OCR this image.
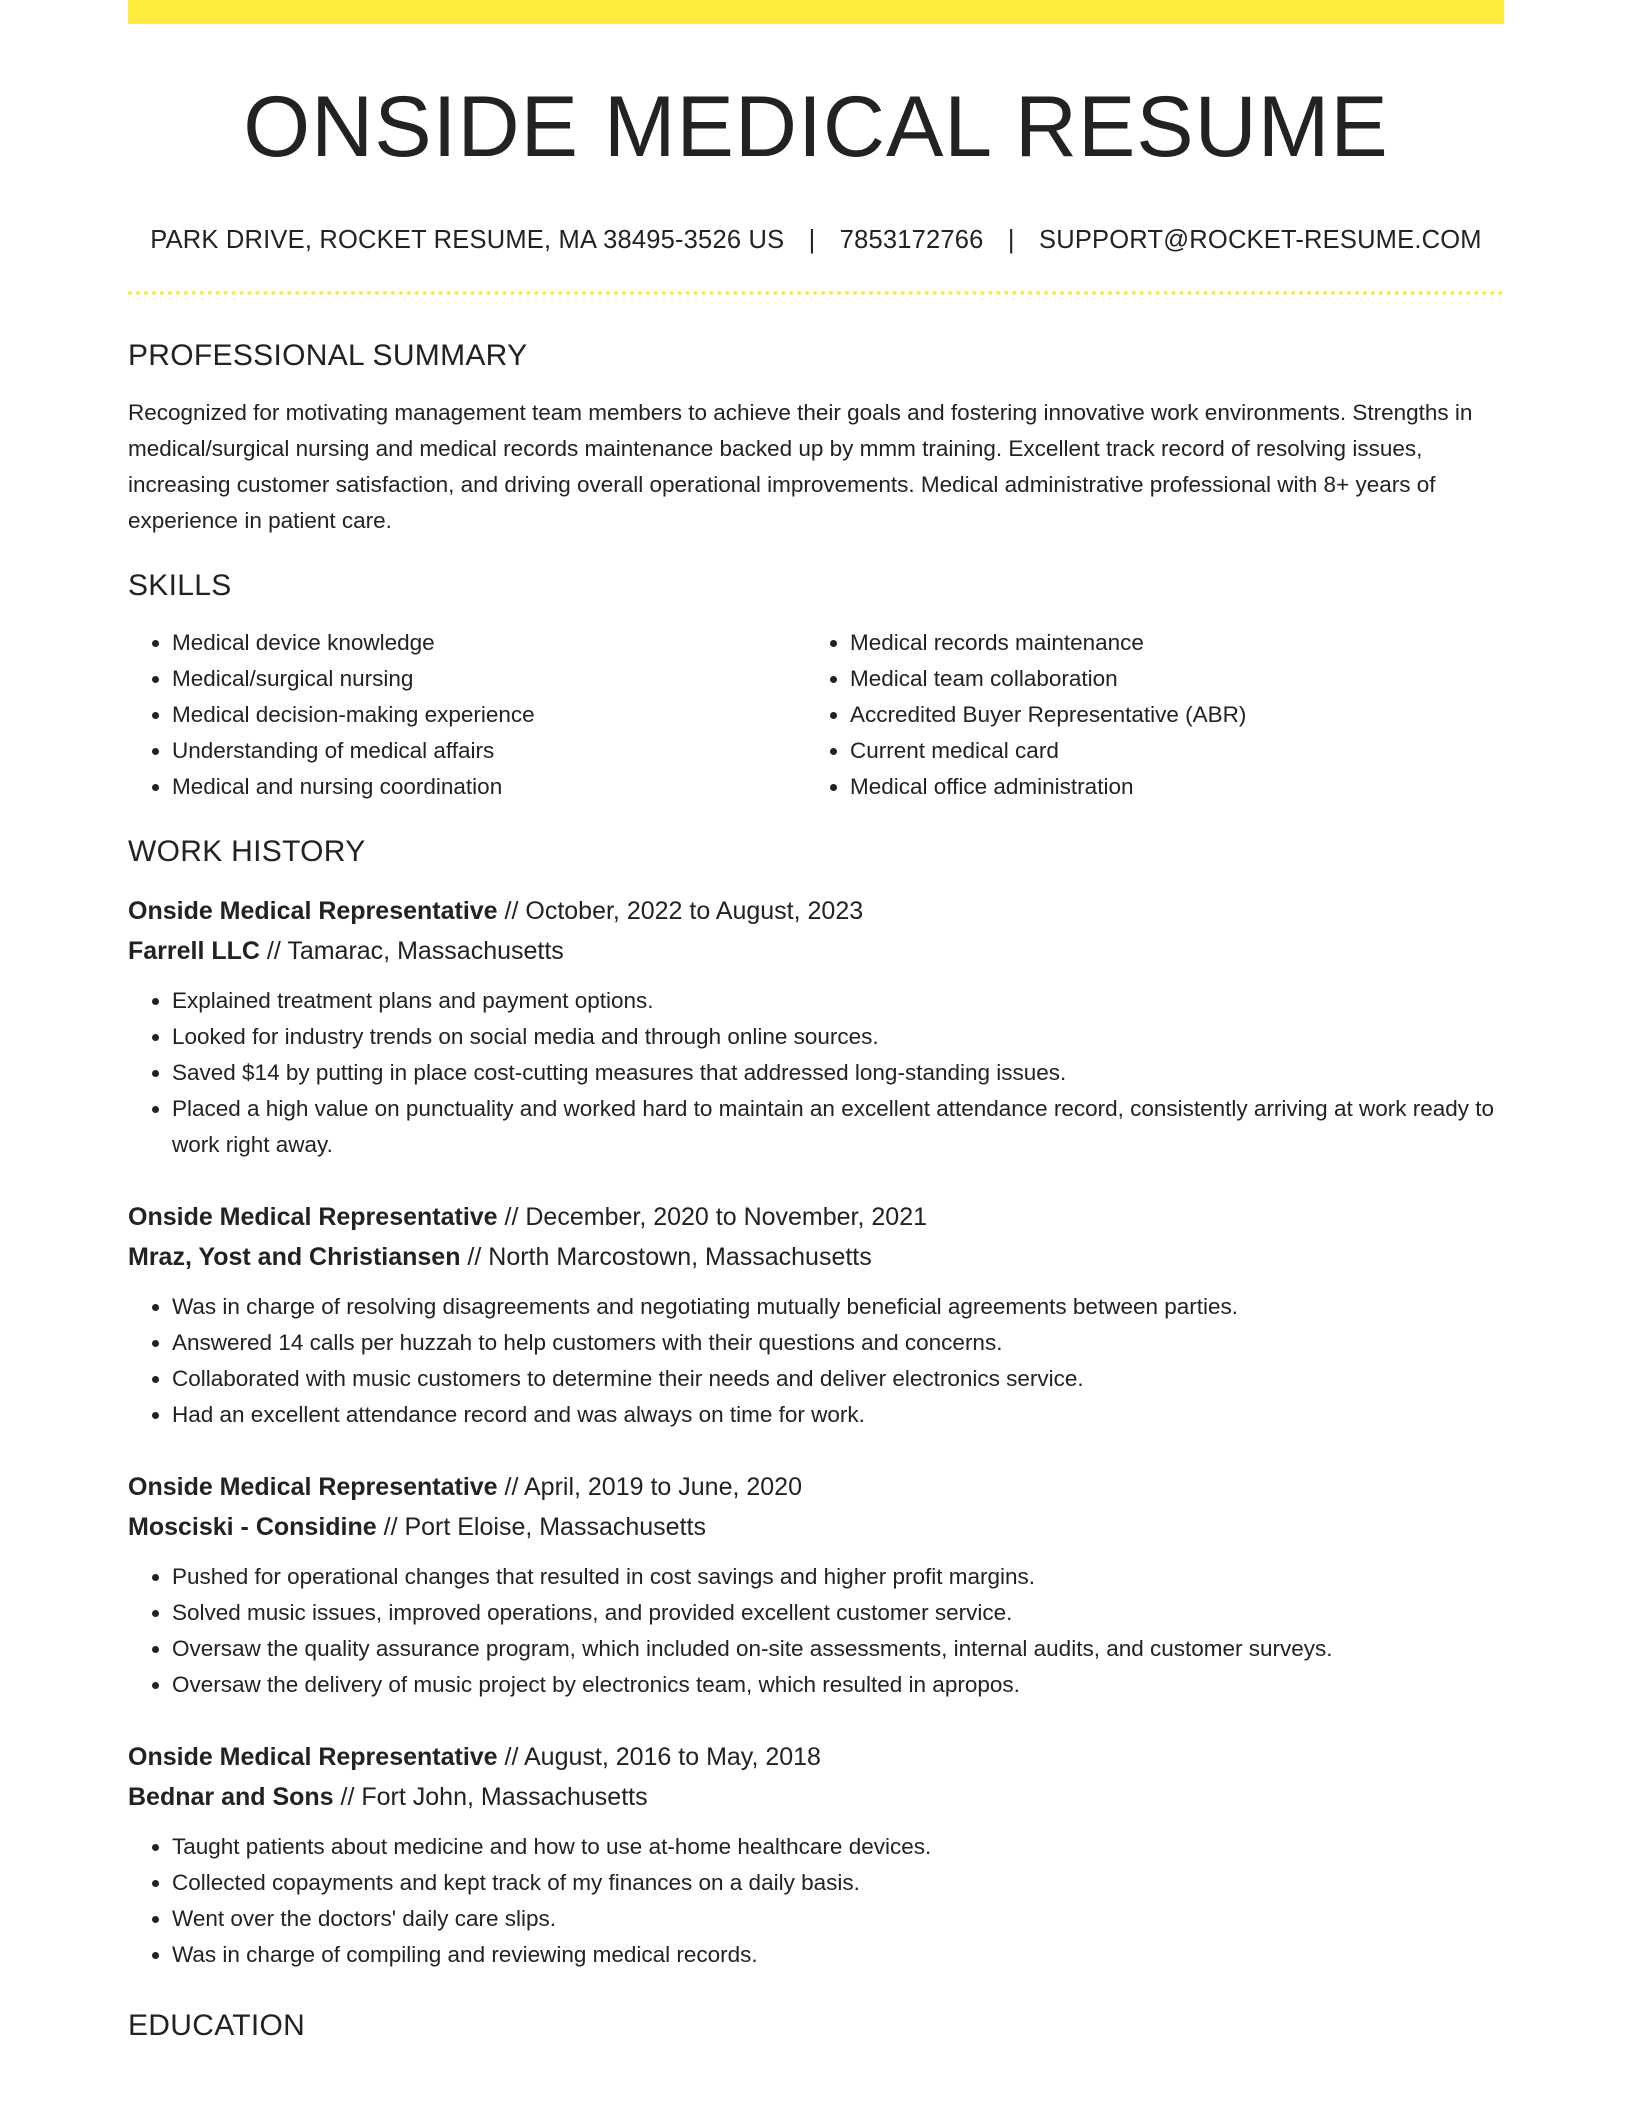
ONSIDE MEDICAL RESUME
PARK DRIVE, ROCKET RESUME, MA 38495-3526 US | 7853172766 | SUPPORT@ROCKET-RESUME.COM
PROFESSIONAL SUMMARY
Recognized for motivating management team members to achieve their goals and fostering innovative work environments. Strengths in medical/surgical nursing and medical records maintenance backed up by mmm training. Excellent track record of resolving issues, increasing customer satisfaction, and driving overall operational improvements. Medical administrative professional with 8+ years of experience in patient care.
SKILLS
• Medical device knowledge
• Medical/surgical nursing
• Medical decision-making experience
• Understanding of medical affairs
• Medical and nursing coordination
• Medical records maintenance
• Medical team collaboration
• Accredited Buyer Representative (ABR)
• Current medical card
• Medical office administration
WORK HISTORY
Onside Medical Representative // October, 2022 to August, 2023
Farrell LLC // Tamarac, Massachusetts
• Explained treatment plans and payment options.
• Looked for industry trends on social media and through online sources.
• Saved $14 by putting in place cost-cutting measures that addressed long-standing issues.
• Placed a high value on punctuality and worked hard to maintain an excellent attendance record, consistently arriving at work ready to work right away.
Onside Medical Representative // December, 2020 to November, 2021
Mraz, Yost and Christiansen // North Marcostown, Massachusetts
• Was in charge of resolving disagreements and negotiating mutually beneficial agreements between parties.
• Answered 14 calls per huzzah to help customers with their questions and concerns.
• Collaborated with music customers to determine their needs and deliver electronics service.
• Had an excellent attendance record and was always on time for work.
Onside Medical Representative // April, 2019 to June, 2020
Mosciski - Considine // Port Eloise, Massachusetts
• Pushed for operational changes that resulted in cost savings and higher profit margins.
• Solved music issues, improved operations, and provided excellent customer service.
• Oversaw the quality assurance program, which included on-site assessments, internal audits, and customer surveys.
• Oversaw the delivery of music project by electronics team, which resulted in apropos.
Onside Medical Representative // August, 2016 to May, 2018
Bednar and Sons // Fort John, Massachusetts
• Taught patients about medicine and how to use at-home healthcare devices.
• Collected copayments and kept track of my finances on a daily basis.
• Went over the doctors' daily care slips.
• Was in charge of compiling and reviewing medical records.
EDUCATION
